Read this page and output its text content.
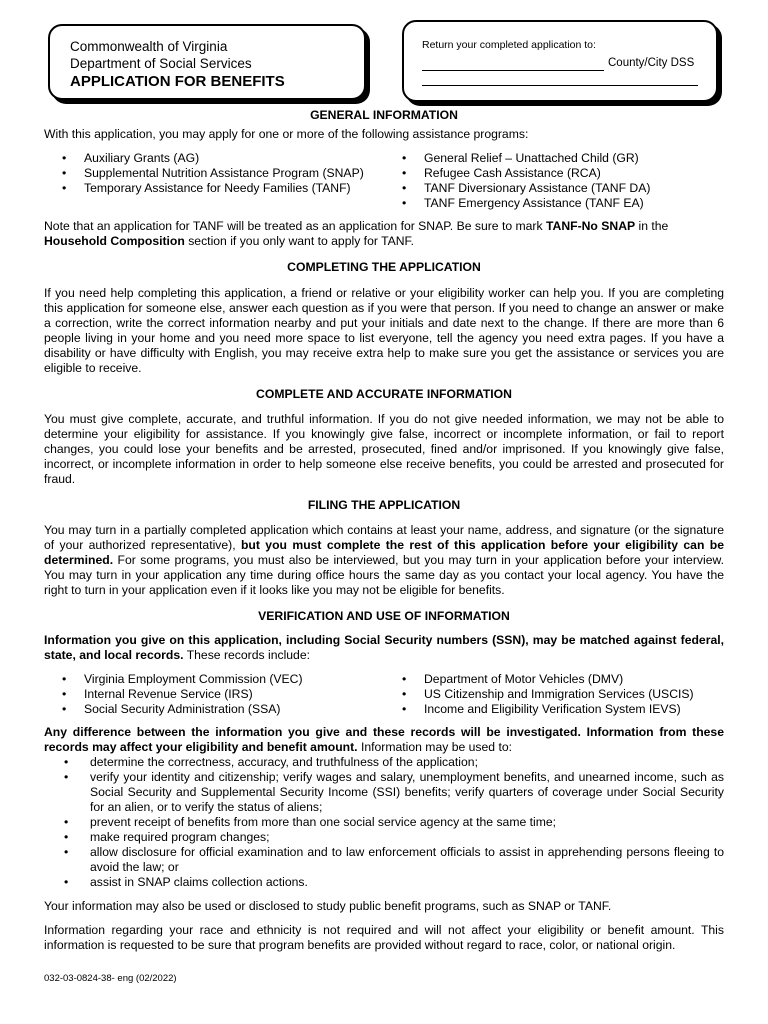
Commonwealth of Virginia
Department of Social Services
APPLICATION FOR BENEFITS
Return your completed application to:
County/City DSS
GENERAL INFORMATION

With this application, you may apply for one or more of the following assistance programs:

• Auxiliary Grants (AG)
• Supplemental Nutrition Assistance Program (SNAP)
• Temporary Assistance for Needy Families (TANF)
• General Relief – Unattached Child (GR)
• Refugee Cash Assistance (RCA)
• TANF Diversionary Assistance (TANF DA)
• TANF Emergency Assistance (TANF EA)

Note that an application for TANF will be treated as an application for SNAP. Be sure to mark TANF-No SNAP in the Household Composition section if you only want to apply for TANF.

COMPLETING THE APPLICATION

If you need help completing this application, a friend or relative or your eligibility worker can help you. If you are completing this application for someone else, answer each question as if you were that person. If you need to change an answer or make a correction, write the correct information nearby and put your initials and date next to the change. If there are more than 6 people living in your home and you need more space to list everyone, tell the agency you need extra pages. If you have a disability or have difficulty with English, you may receive extra help to make sure you get the assistance or services you are eligible to receive.

COMPLETE AND ACCURATE INFORMATION

You must give complete, accurate, and truthful information. If you do not give needed information, we may not be able to determine your eligibility for assistance. If you knowingly give false, incorrect or incomplete information, or fail to report changes, you could lose your benefits and be arrested, prosecuted, fined and/or imprisoned. If you knowingly give false, incorrect, or incomplete information in order to help someone else receive benefits, you could be arrested and prosecuted for fraud.

FILING THE APPLICATION

You may turn in a partially completed application which contains at least your name, address, and signature (or the signature of your authorized representative), but you must complete the rest of this application before your eligibility can be determined. For some programs, you must also be interviewed, but you may turn in your application before your interview. You may turn in your application any time during office hours the same day as you contact your local agency. You have the right to turn in your application even if it looks like you may not be eligible for benefits.

VERIFICATION AND USE OF INFORMATION

Information you give on this application, including Social Security numbers (SSN), may be matched against federal, state, and local records. These records include:

• Virginia Employment Commission (VEC)
• Internal Revenue Service (IRS)
• Social Security Administration (SSA)
• Department of Motor Vehicles (DMV)
• US Citizenship and Immigration Services (USCIS)
• Income and Eligibility Verification System IEVS)

Any difference between the information you give and these records will be investigated. Information from these records may affect your eligibility and benefit amount. Information may be used to:

• determine the correctness, accuracy, and truthfulness of the application;
• verify your identity and citizenship; verify wages and salary, unemployment benefits, and unearned income, such as Social Security and Supplemental Security Income (SSI) benefits; verify quarters of coverage under Social Security for an alien, or to verify the status of aliens;
• prevent receipt of benefits from more than one social service agency at the same time;
• make required program changes;
• allow disclosure for official examination and to law enforcement officials to assist in apprehending persons fleeing to avoid the law; or
• assist in SNAP claims collection actions.

Your information may also be used or disclosed to study public benefit programs, such as SNAP or TANF.

Information regarding your race and ethnicity is not required and will not affect your eligibility or benefit amount. This information is requested to be sure that program benefits are provided without regard to race, color, or national origin.

032-03-0824-38- eng (02/2022)
